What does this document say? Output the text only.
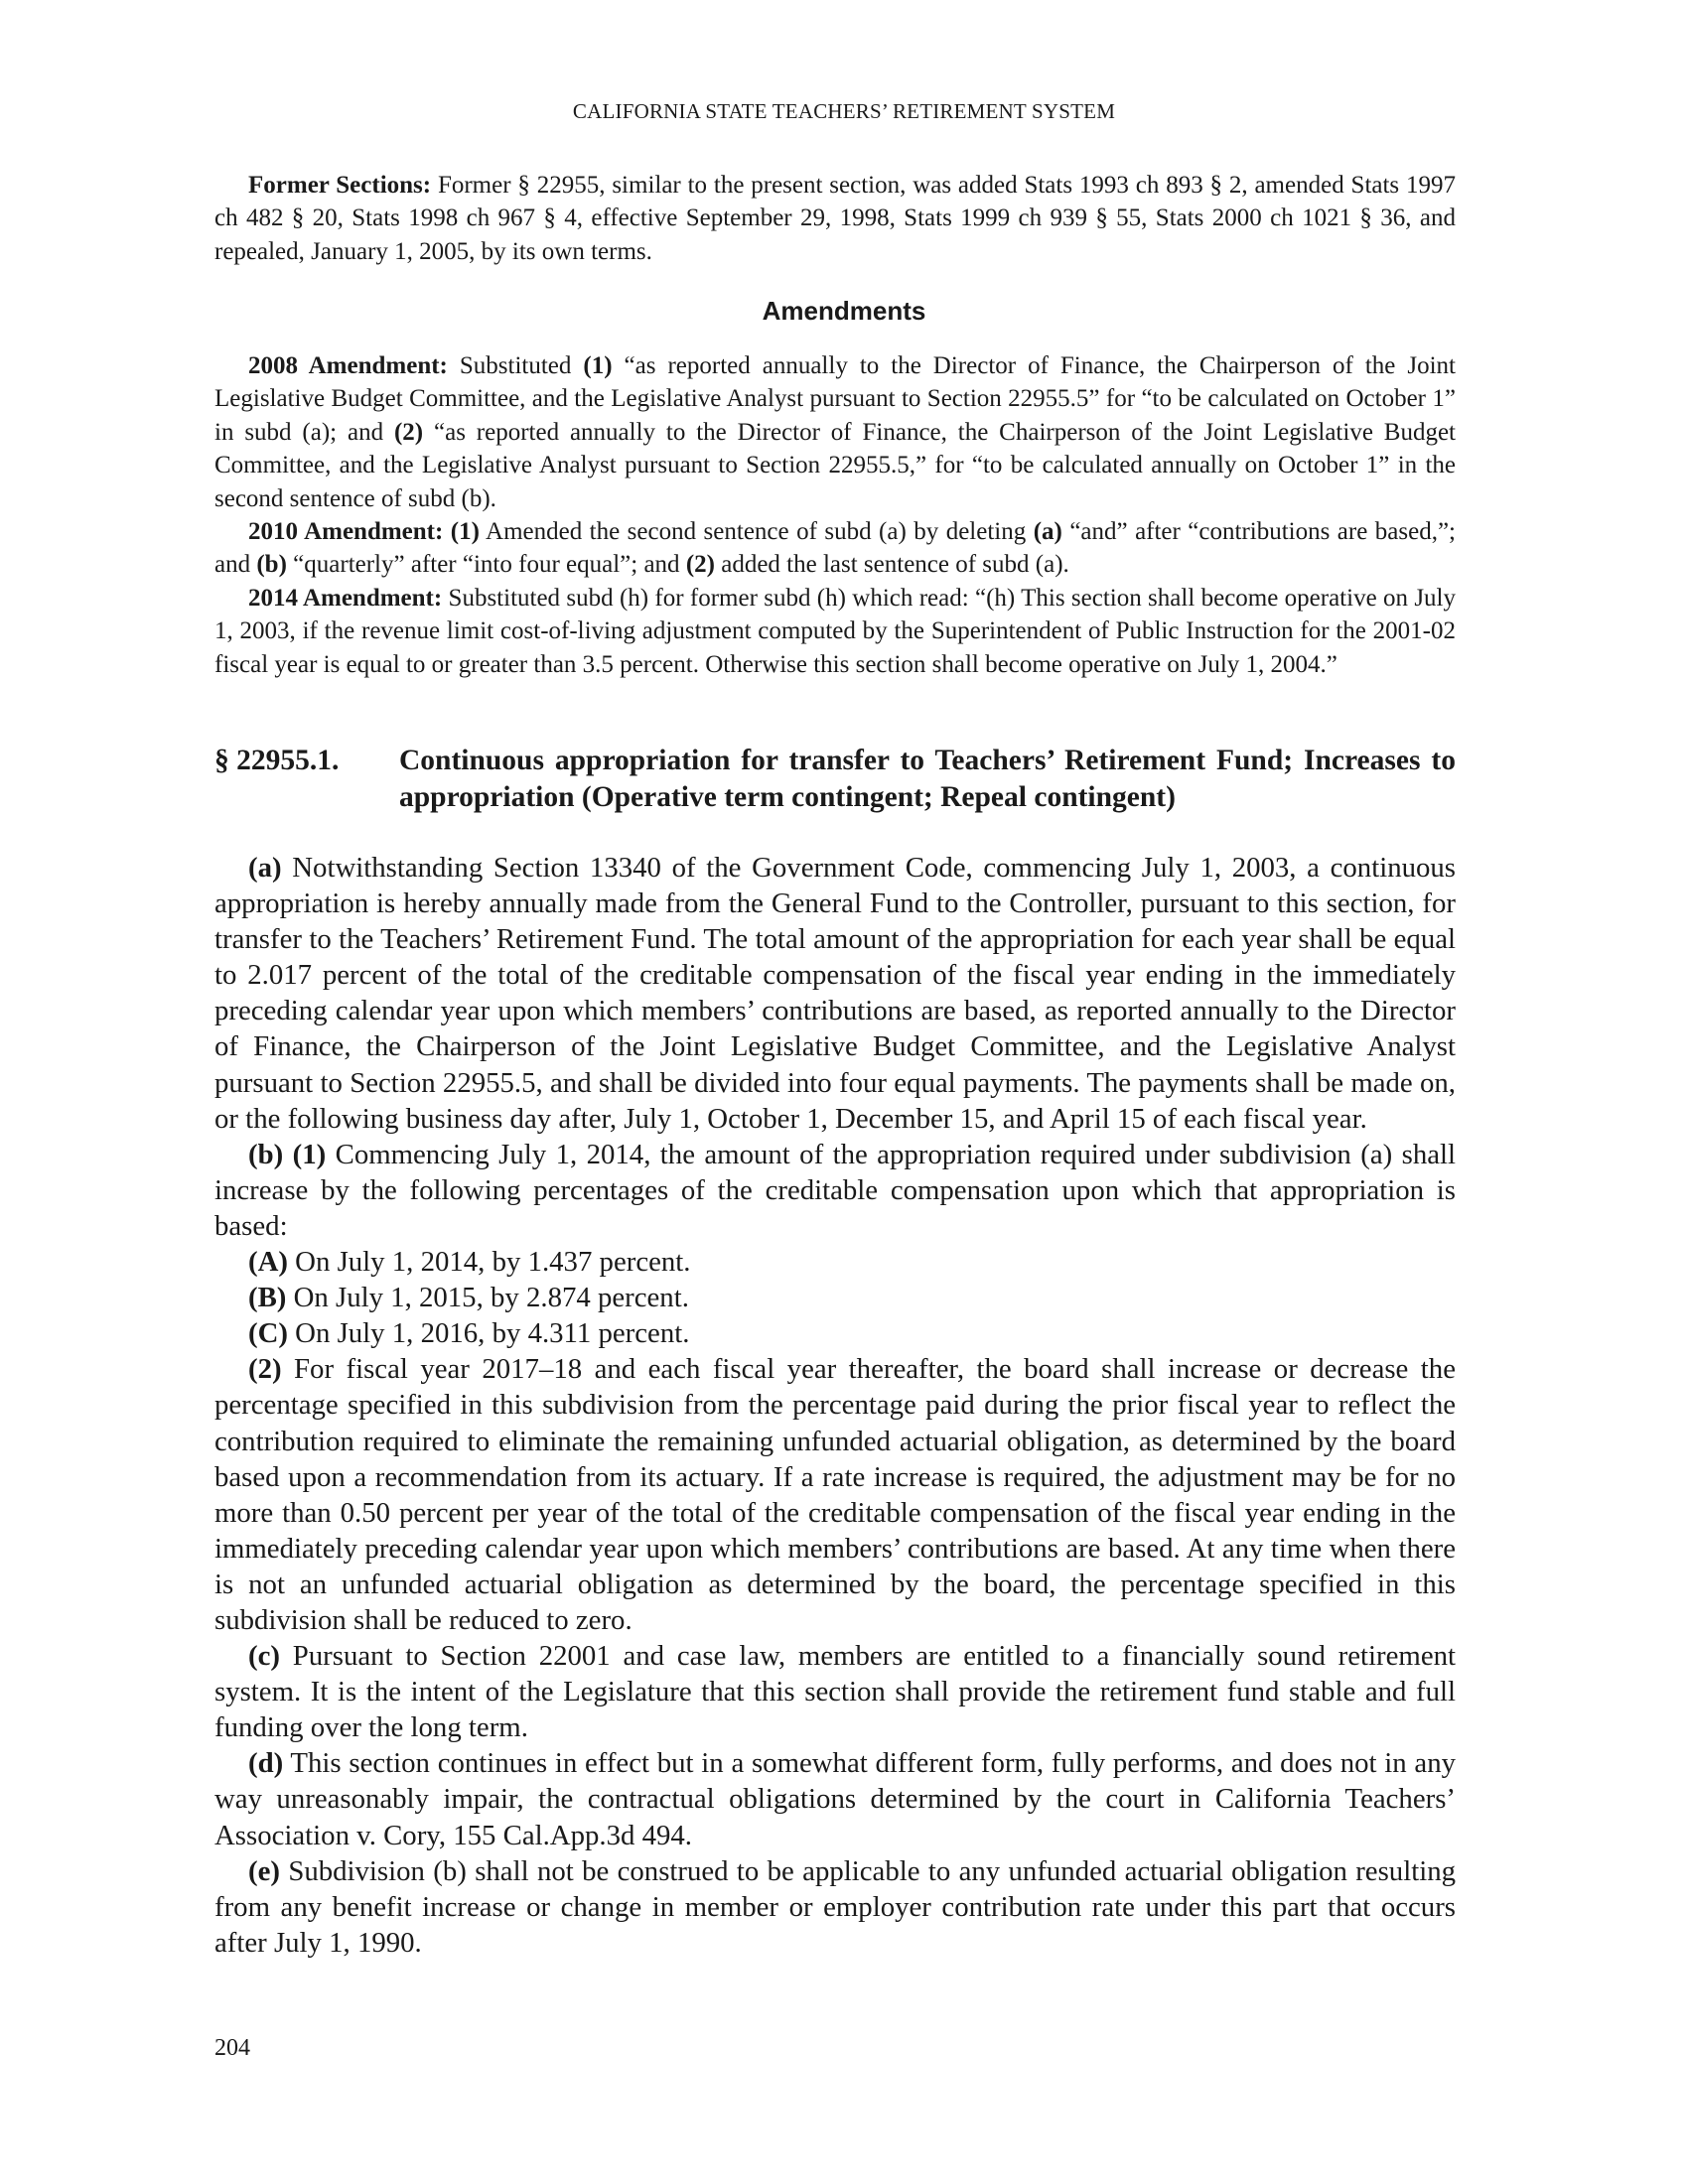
CALIFORNIA STATE TEACHERS’ RETIREMENT SYSTEM

Former Sections: Former § 22955, similar to the present section, was added Stats 1993 ch 893 § 2, amended Stats 1997 ch 482 § 20, Stats 1998 ch 967 § 4, effective September 29, 1998, Stats 1999 ch 939 § 55, Stats 2000 ch 1021 § 36, and repealed, January 1, 2005, by its own terms.

Amendments

2008 Amendment: Substituted (1) “as reported annually to the Director of Finance, the Chairperson of the Joint Legislative Budget Committee, and the Legislative Analyst pursuant to Section 22955.5” for “to be calculated on October 1” in subd (a); and (2) “as reported annually to the Director of Finance, the Chairperson of the Joint Legislative Budget Committee, and the Legislative Analyst pursuant to Section 22955.5,” for “to be calculated annually on October 1” in the second sentence of subd (b).

2010 Amendment: (1) Amended the second sentence of subd (a) by deleting (a) “and” after “contributions are based,”; and (b) “quarterly” after “into four equal”; and (2) added the last sentence of subd (a).

2014 Amendment: Substituted subd (h) for former subd (h) which read: “(h) This section shall become operative on July 1, 2003, if the revenue limit cost-of-living adjustment computed by the Superintendent of Public Instruction for the 2001-02 fiscal year is equal to or greater than 3.5 percent. Otherwise this section shall become operative on July 1, 2004.”

§ 22955.1. Continuous appropriation for transfer to Teachers’ Retirement Fund; Increases to appropriation (Operative term contingent; Repeal contingent)

(a) Notwithstanding Section 13340 of the Government Code, commencing July 1, 2003, a continuous appropriation is hereby annually made from the General Fund to the Controller, pursuant to this section, for transfer to the Teachers’ Retirement Fund. The total amount of the appropriation for each year shall be equal to 2.017 percent of the total of the creditable compensation of the fiscal year ending in the immediately preceding calendar year upon which members’ contributions are based, as reported annually to the Director of Finance, the Chairperson of the Joint Legislative Budget Committee, and the Legislative Analyst pursuant to Section 22955.5, and shall be divided into four equal payments. The payments shall be made on, or the following business day after, July 1, October 1, December 15, and April 15 of each fiscal year.

(b) (1) Commencing July 1, 2014, the amount of the appropriation required under subdivision (a) shall increase by the following percentages of the creditable compensation upon which that appropriation is based:

(A) On July 1, 2014, by 1.437 percent.

(B) On July 1, 2015, by 2.874 percent.

(C) On July 1, 2016, by 4.311 percent.

(2) For fiscal year 2017–18 and each fiscal year thereafter, the board shall increase or decrease the percentage specified in this subdivision from the percentage paid during the prior fiscal year to reflect the contribution required to eliminate the remaining unfunded actuarial obligation, as determined by the board based upon a recommendation from its actuary. If a rate increase is required, the adjustment may be for no more than 0.50 percent per year of the total of the creditable compensation of the fiscal year ending in the immediately preceding calendar year upon which members’ contributions are based. At any time when there is not an unfunded actuarial obligation as determined by the board, the percentage specified in this subdivision shall be reduced to zero.

(c) Pursuant to Section 22001 and case law, members are entitled to a financially sound retirement system. It is the intent of the Legislature that this section shall provide the retirement fund stable and full funding over the long term.

(d) This section continues in effect but in a somewhat different form, fully performs, and does not in any way unreasonably impair, the contractual obligations determined by the court in California Teachers’ Association v. Cory, 155 Cal.App.3d 494.

(e) Subdivision (b) shall not be construed to be applicable to any unfunded actuarial obligation resulting from any benefit increase or change in member or employer contribution rate under this part that occurs after July 1, 1990.

204
